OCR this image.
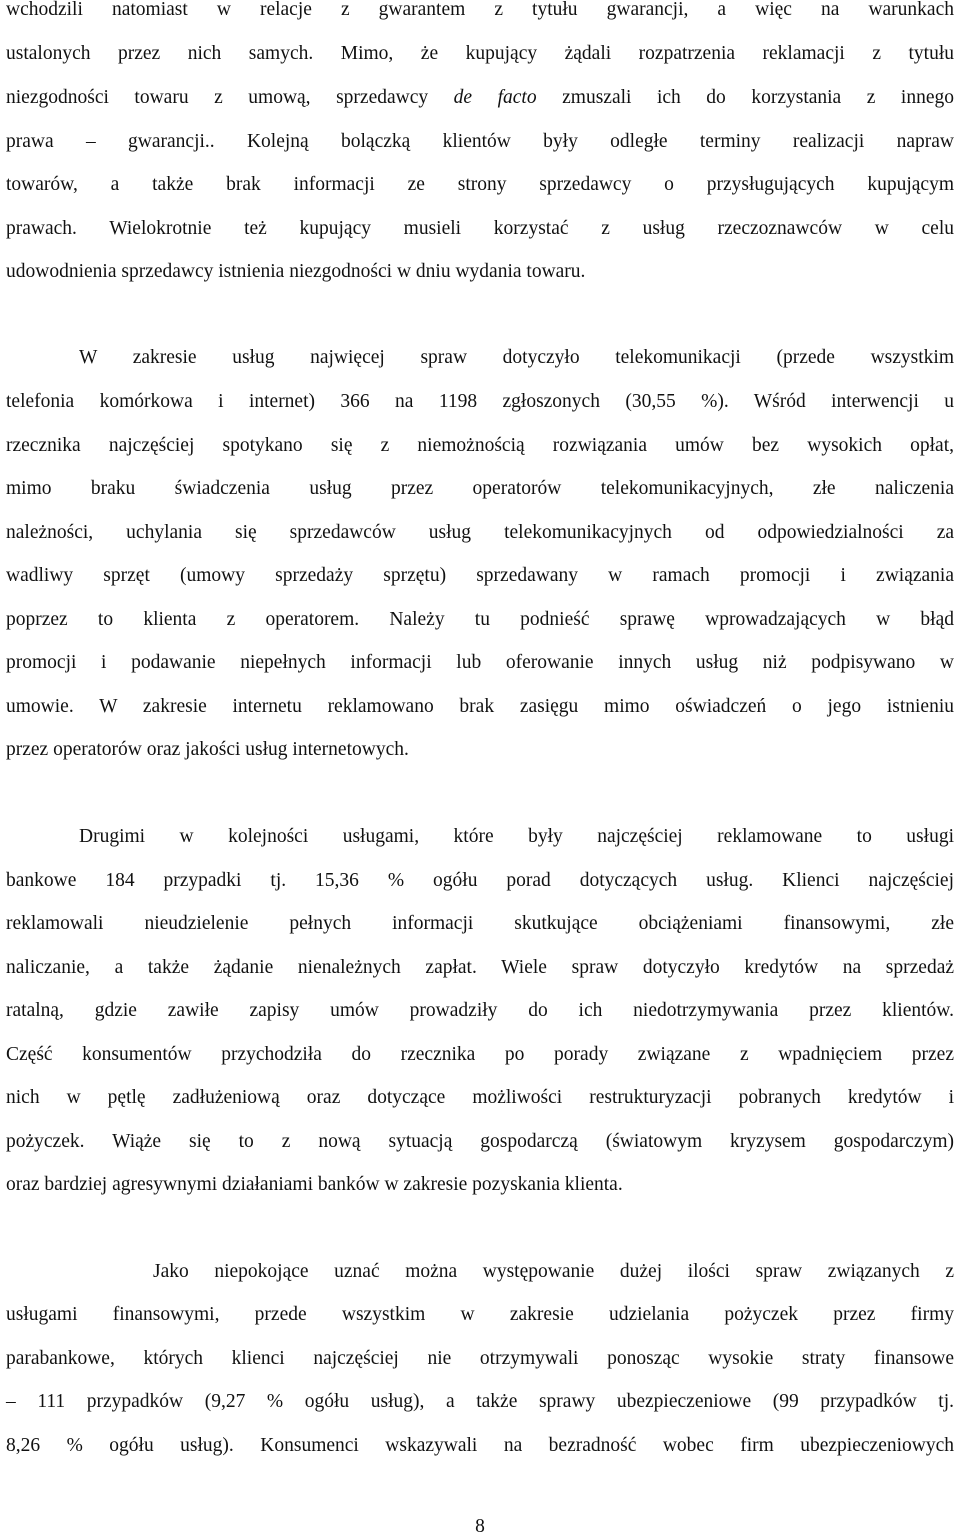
wchodzili natomiast w relacje z gwarantem z tytułu gwarancji, a więc na warunkach
ustalonych przez nich samych. Mimo, że kupujący żądali rozpatrzenia reklamacji z tytułu
niezgodności towaru z umową, sprzedawcy de facto zmuszali ich do korzystania z innego
prawa – gwarancji.. Kolejną bolączką klientów były odległe terminy realizacji napraw
towarów, a także brak informacji ze strony sprzedawcy o przysługujących kupującym
prawach. Wielokrotnie też kupujący musieli korzystać z usług rzeczoznawców w celu
udowodnienia sprzedawcy istnienia niezgodności w dniu wydania towaru.
W zakresie usług najwięcej spraw dotyczyło telekomunikacji (przede wszystkim
telefonia komórkowa i internet) 366 na 1198 zgłoszonych (30,55 %). Wśród interwencji u
rzecznika najczęściej spotykano się z niemożnością rozwiązania umów bez wysokich opłat,
mimo braku świadczenia usług przez operatorów telekomunikacyjnych, złe naliczenia
należności, uchylania się sprzedawców usług telekomunikacyjnych od odpowiedzialności za
wadliwy sprzęt (umowy sprzedaży sprzętu) sprzedawany w ramach promocji i związania
poprzez to klienta z operatorem. Należy tu podnieść sprawę wprowadzających w błąd
promocji i podawanie niepełnych informacji lub oferowanie innych usług niż podpisywano w
umowie. W zakresie internetu reklamowano brak zasięgu mimo oświadczeń o jego istnieniu
przez operatorów oraz jakości usług internetowych.
Drugimi w kolejności usługami, które były najczęściej reklamowane to usługi
bankowe 184 przypadki tj. 15,36 % ogółu porad dotyczących usług. Klienci najczęściej
reklamowali nieudzielenie pełnych informacji skutkujące obciążeniami finansowymi, złe
naliczanie, a także żądanie nienależnych zapłat. Wiele spraw dotyczyło kredytów na sprzedaż
ratalną, gdzie zawiłe zapisy umów prowadziły do ich niedotrzymywania przez klientów.
Część konsumentów przychodziła do rzecznika po porady związane z wpadnięciem przez
nich w pętlę zadłużeniową oraz dotyczące możliwości restrukturyzacji pobranych kredytów i
pożyczek. Wiąże się to z nową sytuacją gospodarczą (światowym kryzysem gospodarczym)
oraz bardziej agresywnymi działaniami banków w zakresie pozyskania klienta.
Jako niepokojące uznać można występowanie dużej ilości spraw związanych z
usługami finansowymi, przede wszystkim w zakresie udzielania pożyczek przez firmy
parabankowe, których klienci najczęściej nie otrzymywali ponosząc wysokie straty finansowe
– 111 przypadków (9,27 % ogółu usług), a także sprawy ubezpieczeniowe (99 przypadków tj.
8,26 % ogółu usług). Konsumenci wskazywali na bezradność wobec firm ubezpieczeniowych
8
